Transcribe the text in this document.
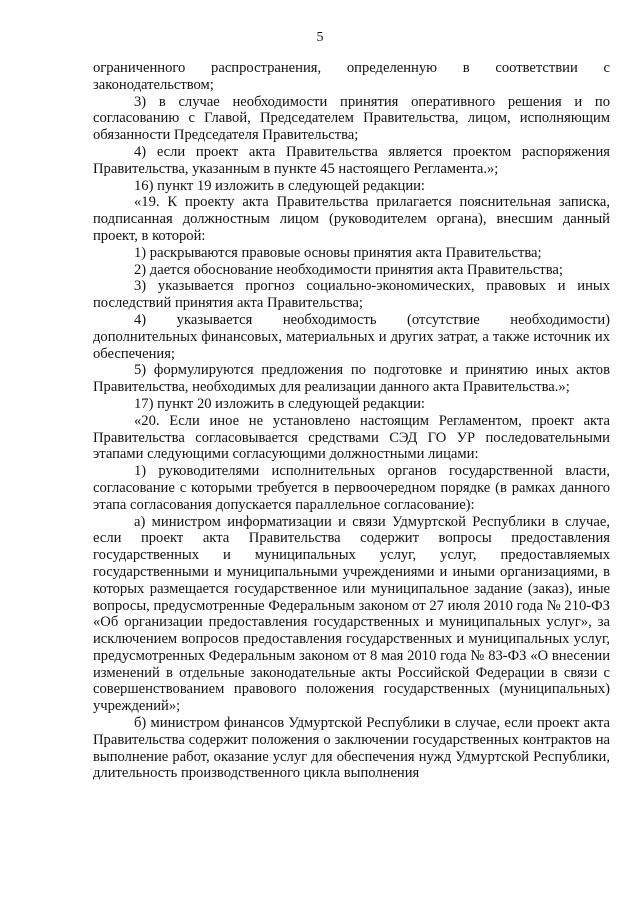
5

ограниченного распространения, определенную в соответствии с законодательством;

3) в случае необходимости принятия оперативного решения и по согласованию с Главой, Председателем Правительства, лицом, исполняющим обязанности Председателя Правительства;

4) если проект акта Правительства является проектом распоряжения Правительства, указанным в пункте 45 настоящего Регламента.»;

16) пункт 19 изложить в следующей редакции:

«19. К проекту акта Правительства прилагается пояснительная записка, подписанная должностным лицом (руководителем органа), внесшим данный проект, в которой:

1) раскрываются правовые основы принятия акта Правительства;

2) дается обоснование необходимости принятия акта Правительства;

3) указывается прогноз социально-экономических, правовых и иных последствий принятия акта Правительства;

4) указывается необходимость (отсутствие необходимости) дополнительных финансовых, материальных и других затрат, а также источник их обеспечения;

5) формулируются предложения по подготовке и принятию иных актов Правительства, необходимых для реализации данного акта Правительства.»;

17) пункт 20 изложить в следующей редакции:

«20. Если иное не установлено настоящим Регламентом, проект акта Правительства согласовывается средствами СЭД ГО УР последовательными этапами следующими согласующими должностными лицами:

1) руководителями исполнительных органов государственной власти, согласование с которыми требуется в первоочередном порядке (в рамках данного этапа согласования допускается параллельное согласование):

а) министром информатизации и связи Удмуртской Республики в случае, если проект акта Правительства содержит вопросы предоставления государственных и муниципальных услуг, услуг, предоставляемых государственными и муниципальными учреждениями и иными организациями, в которых размещается государственное или муниципальное задание (заказ), иные вопросы, предусмотренные Федеральным законом от 27 июля 2010 года № 210-ФЗ «Об организации предоставления государственных и муниципальных услуг», за исключением вопросов предоставления государственных и муниципальных услуг, предусмотренных Федеральным законом от 8 мая 2010 года № 83-ФЗ «О внесении изменений в отдельные законодательные акты Российской Федерации в связи с совершенствованием правового положения государственных (муниципальных) учреждений»;

б) министром финансов Удмуртской Республики в случае, если проект акта Правительства содержит положения о заключении государственных контрактов на выполнение работ, оказание услуг для обеспечения нужд Удмуртской Республики, длительность производственного цикла выполнения
